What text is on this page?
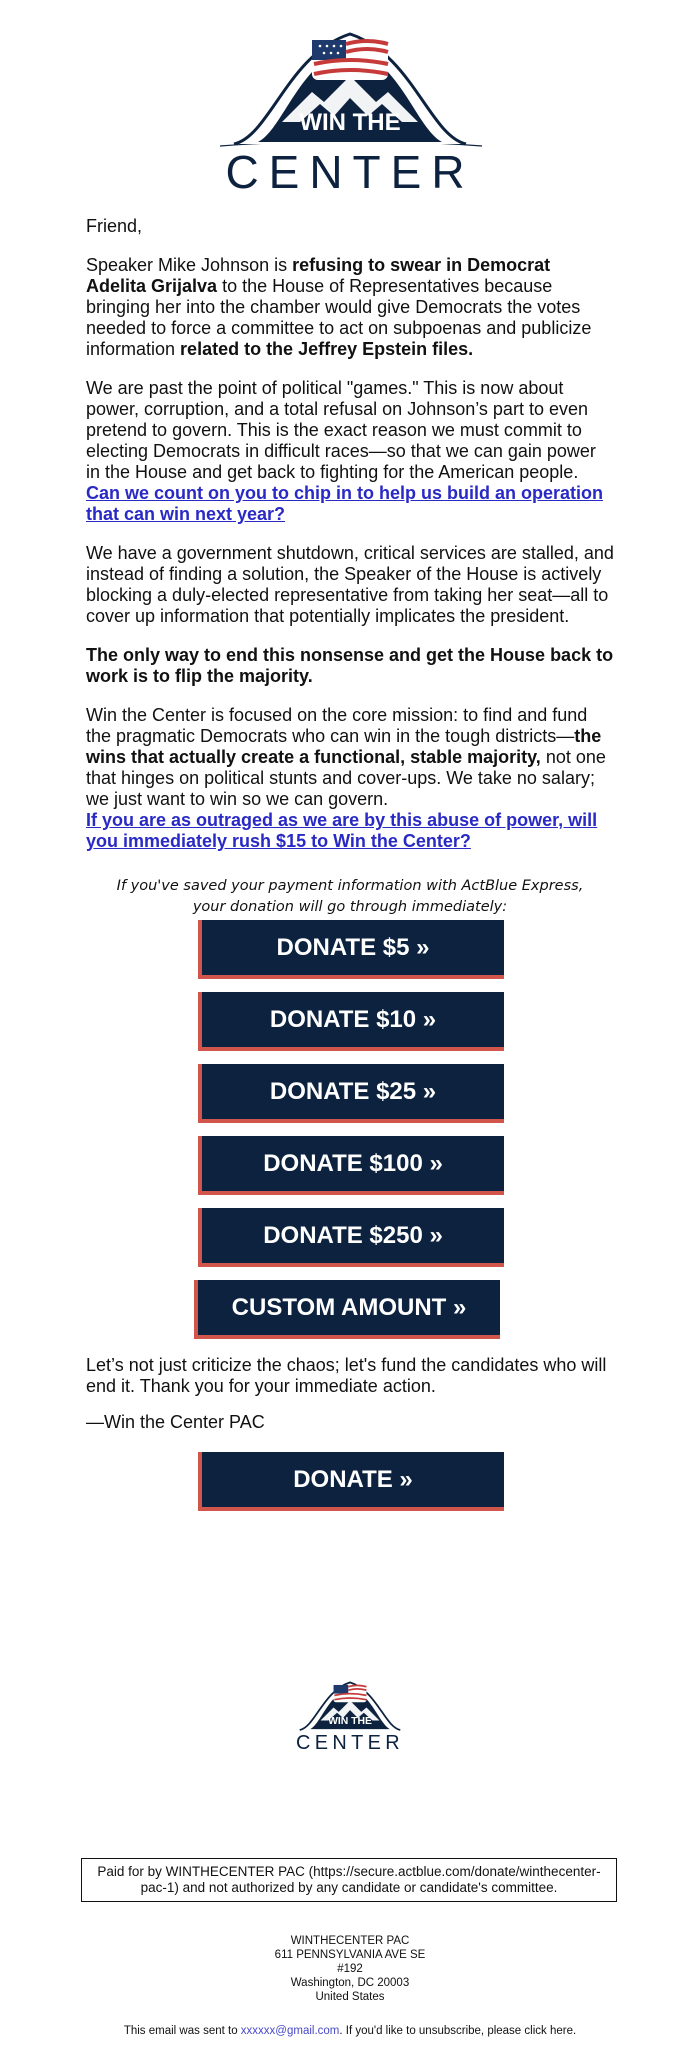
WIN THE
CENTER

Friend,

Speaker Mike Johnson is refusing to swear in Democrat Adelita Grijalva to the House of Representatives because bringing her into the chamber would give Democrats the votes needed to force a committee to act on subpoenas and publicize information related to the Jeffrey Epstein files.

We are past the point of political "games." This is now about power, corruption, and a total refusal on Johnson’s part to even pretend to govern. This is the exact reason we must commit to electing Democrats in difficult races—so that we can gain power in the House and get back to fighting for the American people.

Can we count on you to chip in to help us build an operation that can win next year?

We have a government shutdown, critical services are stalled, and instead of finding a solution, the Speaker of the House is actively blocking a duly-elected representative from taking her seat—all to cover up information that potentially implicates the president.

The only way to end this nonsense and get the House back to work is to flip the majority.

Win the Center is focused on the core mission: to find and fund the pragmatic Democrats who can win in the tough districts—the wins that actually create a functional, stable majority, not one that hinges on political stunts and cover-ups. We take no salary; we just want to win so we can govern.

If you are as outraged as we are by this abuse of power, will you immediately rush $15 to Win the Center?
If you've saved your payment information with ActBlue Express, your donation will go through immediately:
DONATE $5 »
DONATE $10 »
DONATE $25 »
DONATE $100 »
DONATE $250 »
CUSTOM AMOUNT »
Let’s not just criticize the chaos; let's fund the candidates who will end it. Thank you for your immediate action.
—Win the Center PAC
DONATE »
WIN THE
CENTER
Paid for by WINTHECENTER PAC (https://secure.actblue.com/donate/winthecenter-pac-1) and not authorized by any candidate or candidate's committee.
WINTHECENTER PAC
611 PENNSYLVANIA AVE SE
#192
Washington, DC 20003
United States
This email was sent to xxxxxx@gmail.com. If you'd like to unsubscribe, please click here.
